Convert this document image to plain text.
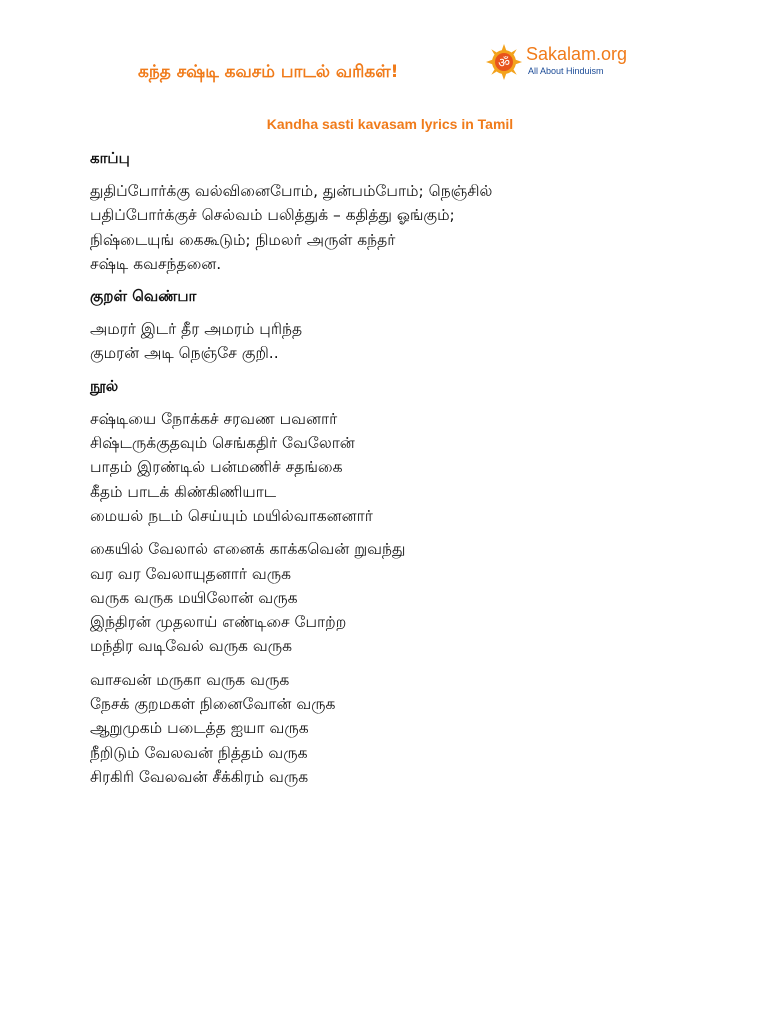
கந்த சஷ்டி கவசம் பாடல் வரிகள்!	ॐ Sakalam.org
All About Hinduism
Kandha sasti kavasam lyrics in Tamil
காப்பு
துதிப்போர்க்கு வல்வினைபோம், துன்பம்போம்; நெஞ்சில்
பதிப்போர்க்குச் செல்வம் பலித்துக் – கதித்து ஓங்கும்;
நிஷ்டையுங் கைகூடும்; நிமலர் அருள் கந்தர்
சஷ்டி கவசந்தனை.
குறள் வெண்பா
அமரர் இடர் தீர அமரம் புரிந்த
குமரன் அடி நெஞ்சே குறி..
நூல்
சஷ்டியை நோக்கச் சரவண பவனார்
சிஷ்டருக்குதவும் செங்கதிர் வேலோன்
பாதம் இரண்டில் பன்மணிச் சதங்கை
கீதம் பாடக் கிண்கிணியாட
மையல் நடம் செய்யும் மயில்வாகனனார்
கையில் வேலால் எனைக் காக்கவென் றுவந்து
வர வர வேலாயுதனார் வருக
வருக வருக மயிலோன் வருக
இந்திரன் முதலாய் எண்டிசை போற்ற
மந்திர வடிவேல் வருக வருக
வாசவன் மருகா வருக வருக
நேசக் குறமகள் நினைவோன் வருக
ஆறுமுகம் படைத்த ஐயா வருக
நீறிடும் வேலவன் நித்தம் வருக
சிரகிரி வேலவன் சீக்கிரம் வருக
